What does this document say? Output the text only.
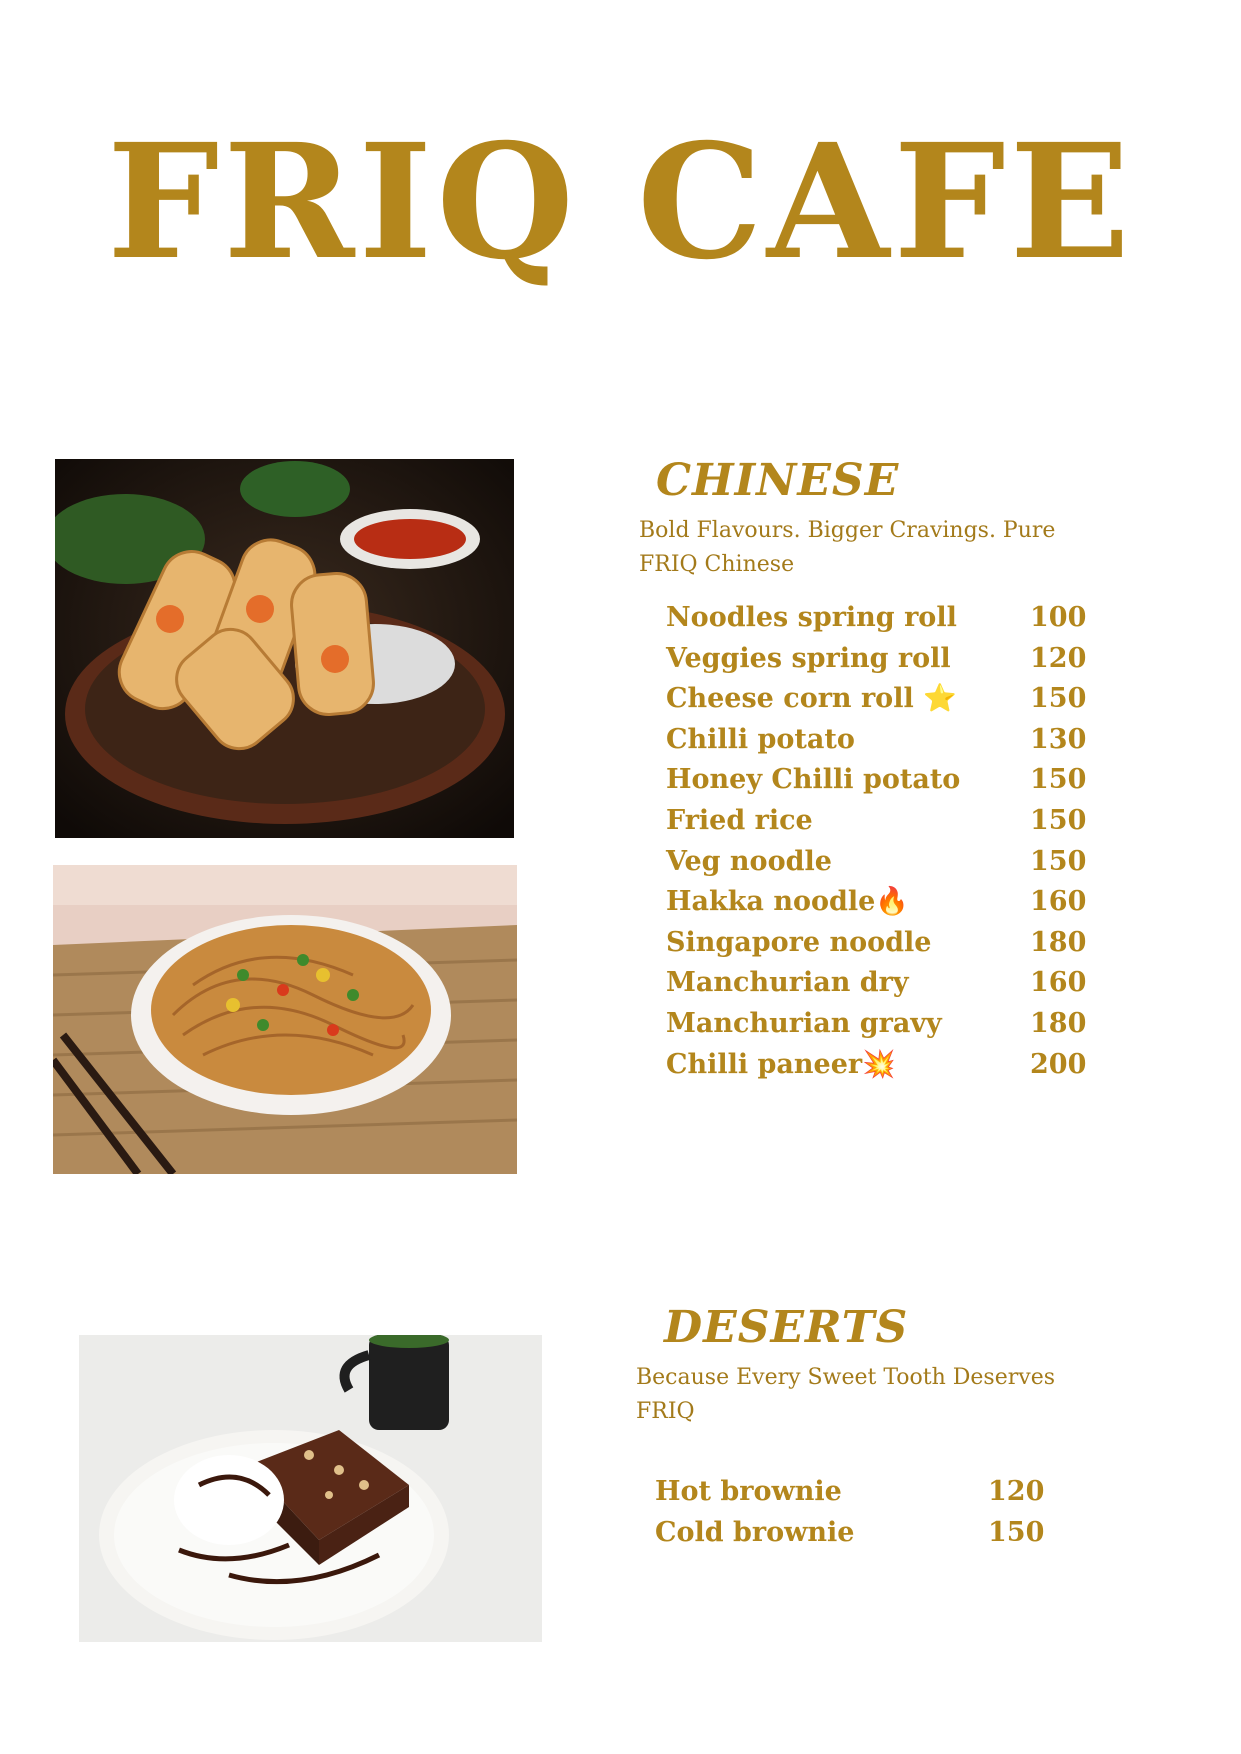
FRIQ CAFE
CHINESE
Bold Flavours. Bigger Cravings. Pure FRIQ Chinese
Noodles spring roll	100
Veggies spring roll	120
Cheese corn roll ⭐	150
Chilli potato	130
Honey Chilli potato	150
Fried rice	150
Veg noodle	150
Hakka noodle🔥	160
Singapore noodle	180
Manchurian dry	160
Manchurian gravy	180
Chilli paneer💥	200
DESERTS
Because Every Sweet Tooth Deserves FRIQ
Hot brownie	120
Cold brownie	150
